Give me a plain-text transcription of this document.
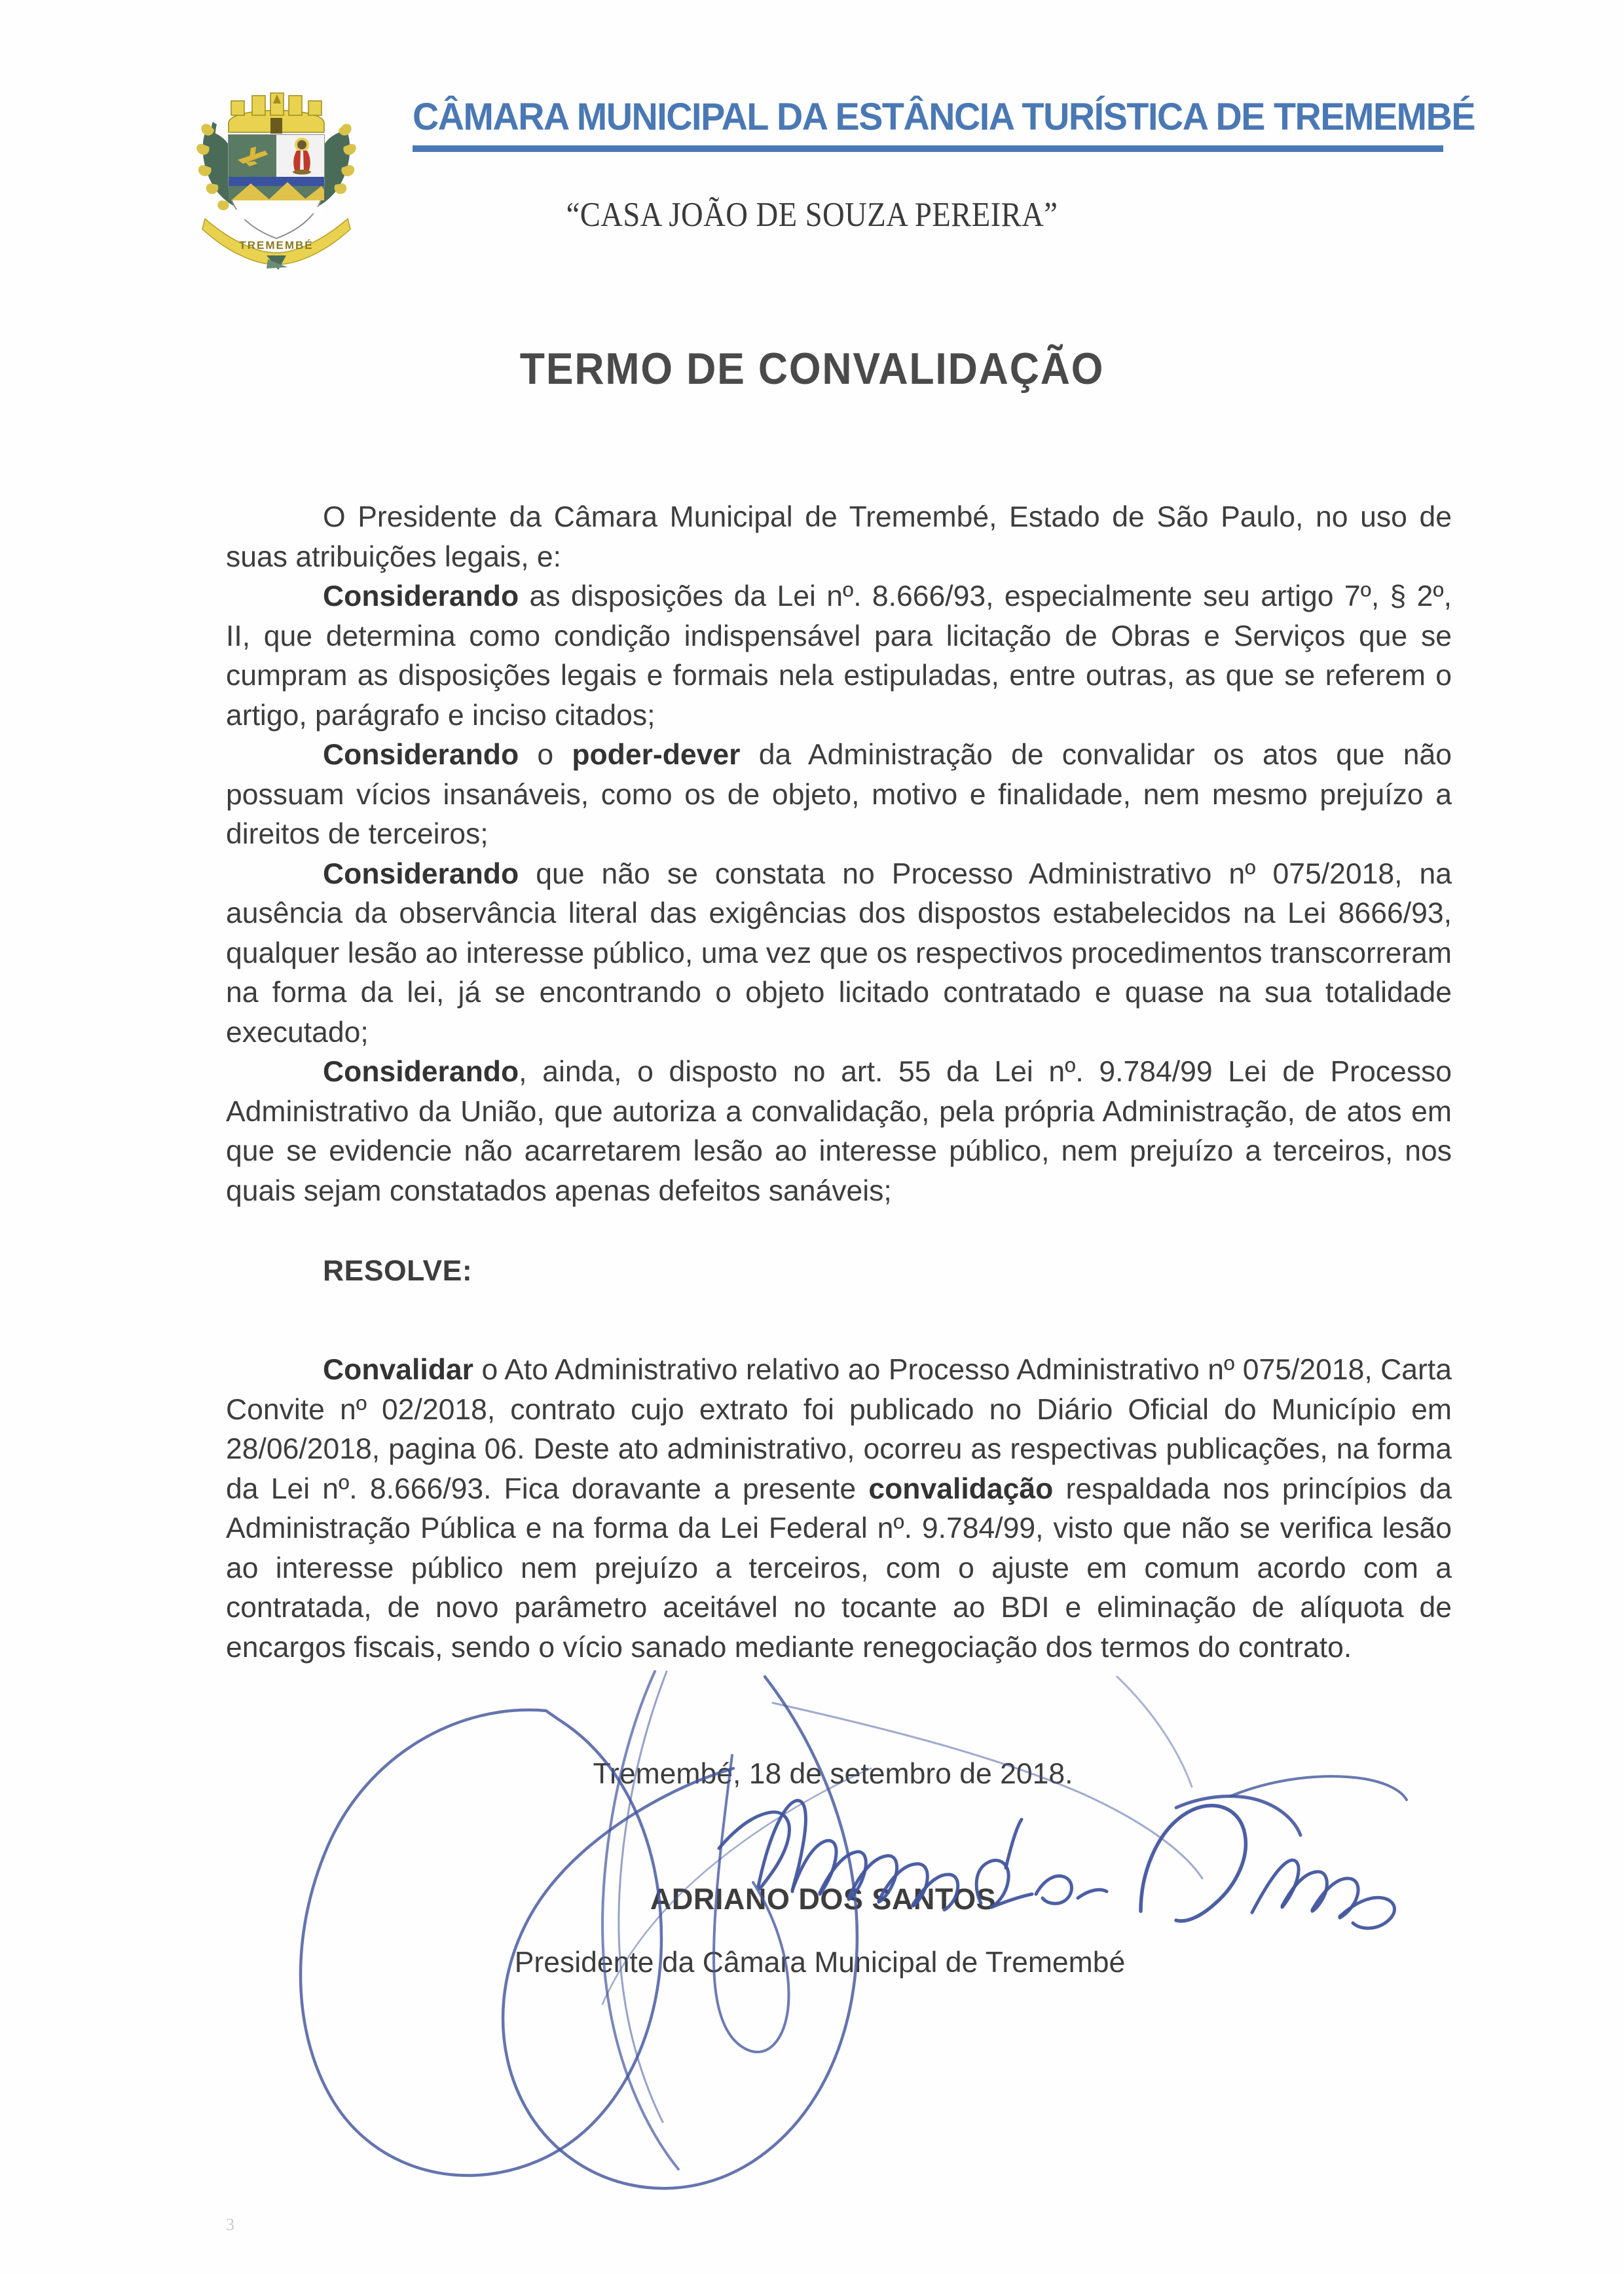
TREMEMBÉ
CÂMARA MUNICIPAL DA ESTÂNCIA TURÍSTICA DE TREMEMBÉ
“CASA JOÃO DE SOUZA PEREIRA”
TERMO DE CONVALIDAÇÃO

O Presidente da Câmara Municipal de Tremembé, Estado de São Paulo, no uso de suas atribuições legais, e:

Considerando as disposições da Lei nº. 8.666/93, especialmente seu artigo 7º, § 2º, II, que determina como condição indispensável para licitação de Obras e Serviços que se cumpram as disposições legais e formais nela estipuladas, entre outras, as que se referem o artigo, parágrafo e inciso citados;

Considerando o poder-dever da Administração de convalidar os atos que não possuam vícios insanáveis, como os de objeto, motivo e finalidade, nem mesmo prejuízo a direitos de terceiros;

Considerando que não se constata no Processo Administrativo nº 075/2018, na ausência da observância literal das exigências dos dispostos estabelecidos na Lei 8666/93, qualquer lesão ao interesse público, uma vez que os respectivos procedimentos transcorreram na forma da lei, já se encontrando o objeto licitado contratado e quase na sua totalidade executado;

Considerando, ainda, o disposto no art. 55 da Lei nº. 9.784/99 Lei de Processo Administrativo da União, que autoriza a convalidação, pela própria Administração, de atos em que se evidencie não acarretarem lesão ao interesse público, nem prejuízo a terceiros, nos quais sejam constatados apenas defeitos sanáveis;

RESOLVE:

Convalidar o Ato Administrativo relativo ao Processo Administrativo nº 075/2018, Carta Convite nº 02/2018, contrato cujo extrato foi publicado no Diário Oficial do Município em 28/06/2018, pagina 06. Deste ato administrativo, ocorreu as respectivas publicações, na forma da Lei nº. 8.666/93. Fica doravante a presente convalidação respaldada nos princípios da Administração Pública e na forma da Lei Federal nº. 9.784/99, visto que não se verifica lesão ao interesse público nem prejuízo a terceiros, com o ajuste em comum acordo com a contratada, de novo parâmetro aceitável no tocante ao BDI e eliminação de alíquota de encargos fiscais, sendo o vício sanado mediante renegociação dos termos do contrato.

Tremembé, 18 de setembro de 2018.
ADRIANO DOS SANTOS
Presidente da Câmara Municipal de Tremembé
3
